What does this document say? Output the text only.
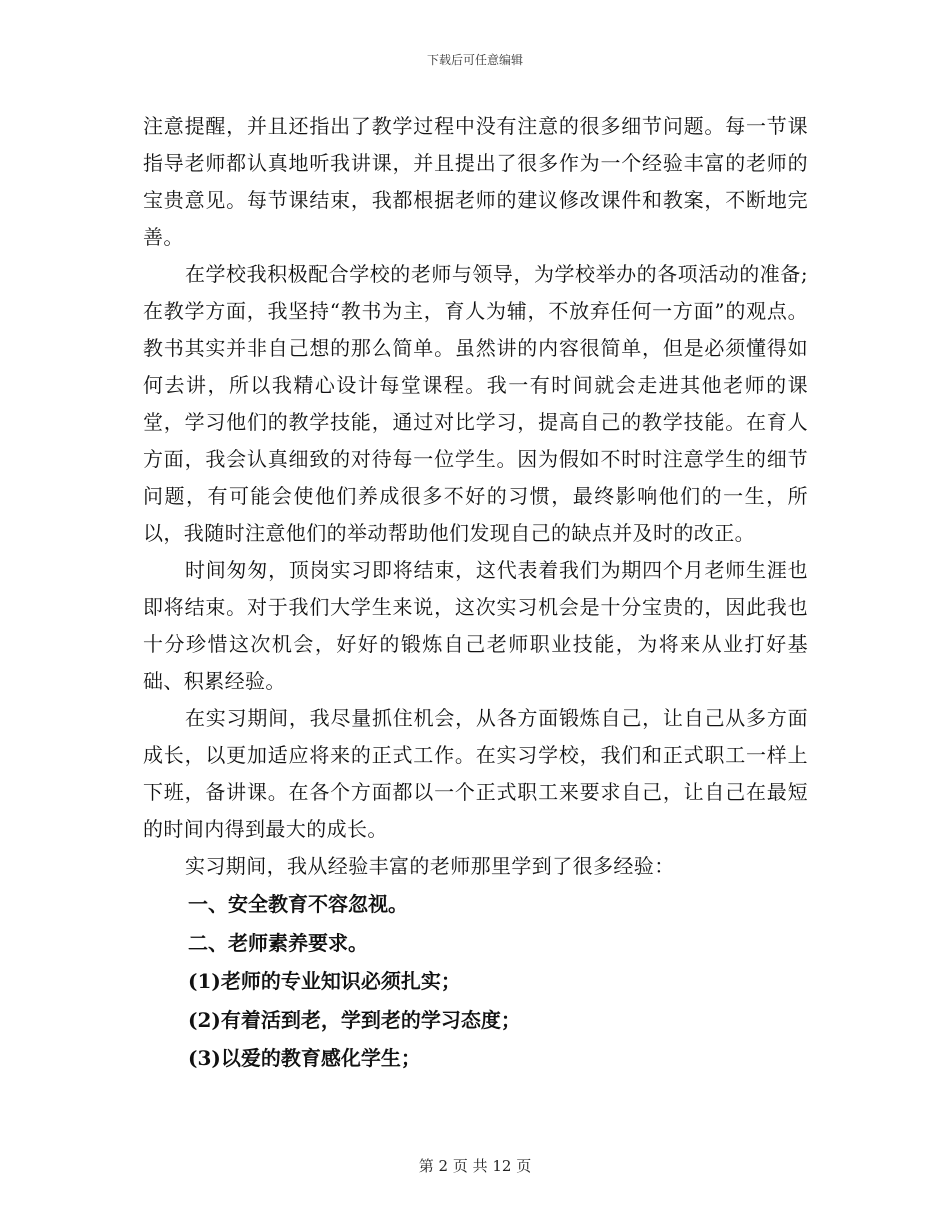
下载后可任意编辑

注意提醒，并且还指出了教学过程中没有注意的很多细节问题。每一节课指导老师都认真地听我讲课，并且提出了很多作为一个经验丰富的老师的宝贵意见。每节课结束，我都根据老师的建议修改课件和教案，不断地完善。

在学校我积极配合学校的老师与领导，为学校举办的各项活动的准备;在教学方面，我坚持“教书为主，育人为辅，不放弃任何一方面”的观点。教书其实并非自己想的那么简单。虽然讲的内容很简单，但是必须懂得如何去讲，所以我精心设计每堂课程。我一有时间就会走进其他老师的课堂，学习他们的教学技能，通过对比学习，提高自己的教学技能。在育人方面，我会认真细致的对待每一位学生。因为假如不时时注意学生的细节问题，有可能会使他们养成很多不好的习惯，最终影响他们的一生，所以，我随时注意他们的举动帮助他们发现自己的缺点并及时的改正。

时间匆匆，顶岗实习即将结束，这代表着我们为期四个月老师生涯也即将结束。对于我们大学生来说，这次实习机会是十分宝贵的，因此我也十分珍惜这次机会，好好的锻炼自己老师职业技能，为将来从业打好基础、积累经验。

在实习期间，我尽量抓住机会，从各方面锻炼自己，让自己从多方面成长，以更加适应将来的正式工作。在实习学校，我们和正式职工一样上下班，备讲课。在各个方面都以一个正式职工来要求自己，让自己在最短的时间内得到最大的成长。

实习期间，我从经验丰富的老师那里学到了很多经验：

一、安全教育不容忽视。

二、老师素养要求。

(1)老师的专业知识必须扎实；

(2)有着活到老，学到老的学习态度；

(3)以爱的教育感化学生；

第 2 页 共 12 页
